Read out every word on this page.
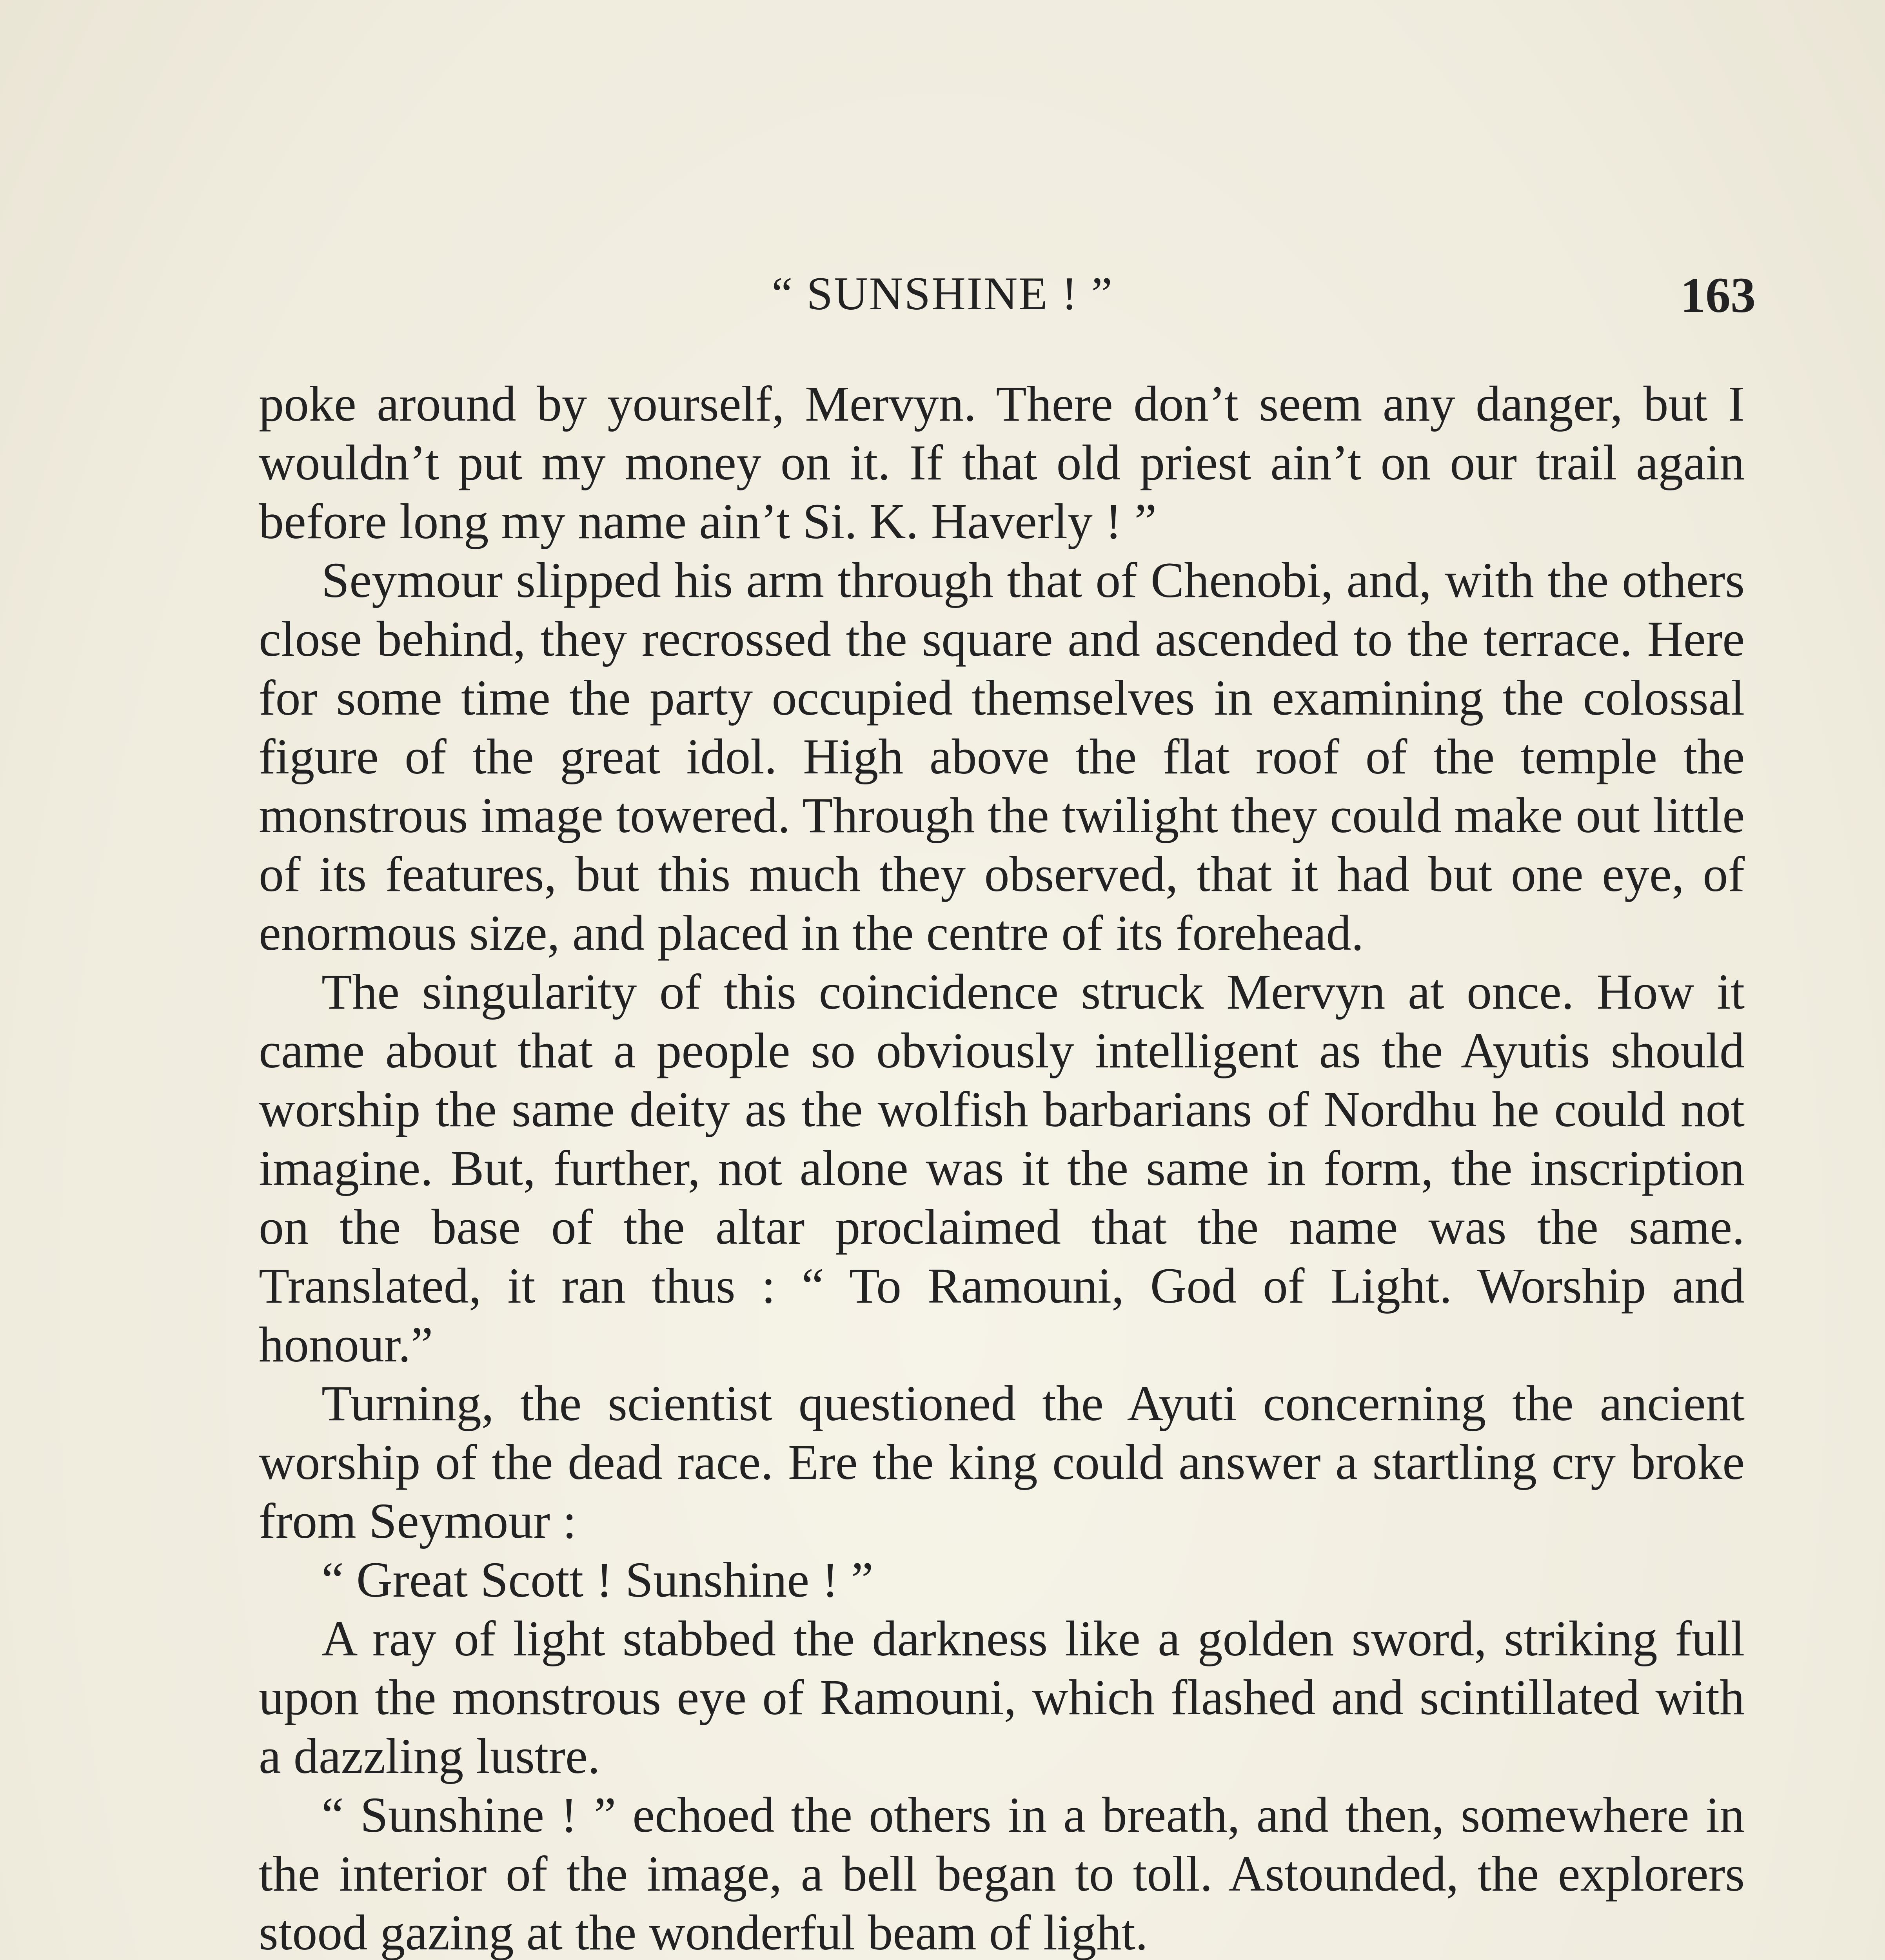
“ SUNSHINE ! ”	163

poke around by yourself, Mervyn. There don’t seem any danger, but I wouldn’t put my money on it. If that old priest ain’t on our trail again before long my name ain’t Si. K. Haverly ! ”

Seymour slipped his arm through that of Chenobi, and, with the others close behind, they recrossed the square and ascended to the terrace. Here for some time the party occupied themselves in examining the colossal figure of the great idol. High above the flat roof of the temple the monstrous image towered. Through the twilight they could make out little of its features, but this much they observed, that it had but one eye, of enormous size, and placed in the centre of its forehead.

The singularity of this coincidence struck Mervyn at once. How it came about that a people so obviously intelligent as the Ayutis should worship the same deity as the wolfish barbarians of Nordhu he could not imagine. But, further, not alone was it the same in form, the inscription on the base of the altar proclaimed that the name was the same. Translated, it ran thus : “ To Ramouni, God of Light. Worship and honour.”

Turning, the scientist questioned the Ayuti concerning the ancient worship of the dead race. Ere the king could answer a startling cry broke from Seymour :

“ Great Scott ! Sunshine ! ”

A ray of light stabbed the darkness like a golden sword, striking full upon the monstrous eye of Ramouni, which flashed and scintillated with a dazzling lustre.

“ Sunshine ! ” echoed the others in a breath, and then, somewhere in the interior of the image, a bell began to toll. Astounded, the explorers stood gazing at the wonderful beam of light.
